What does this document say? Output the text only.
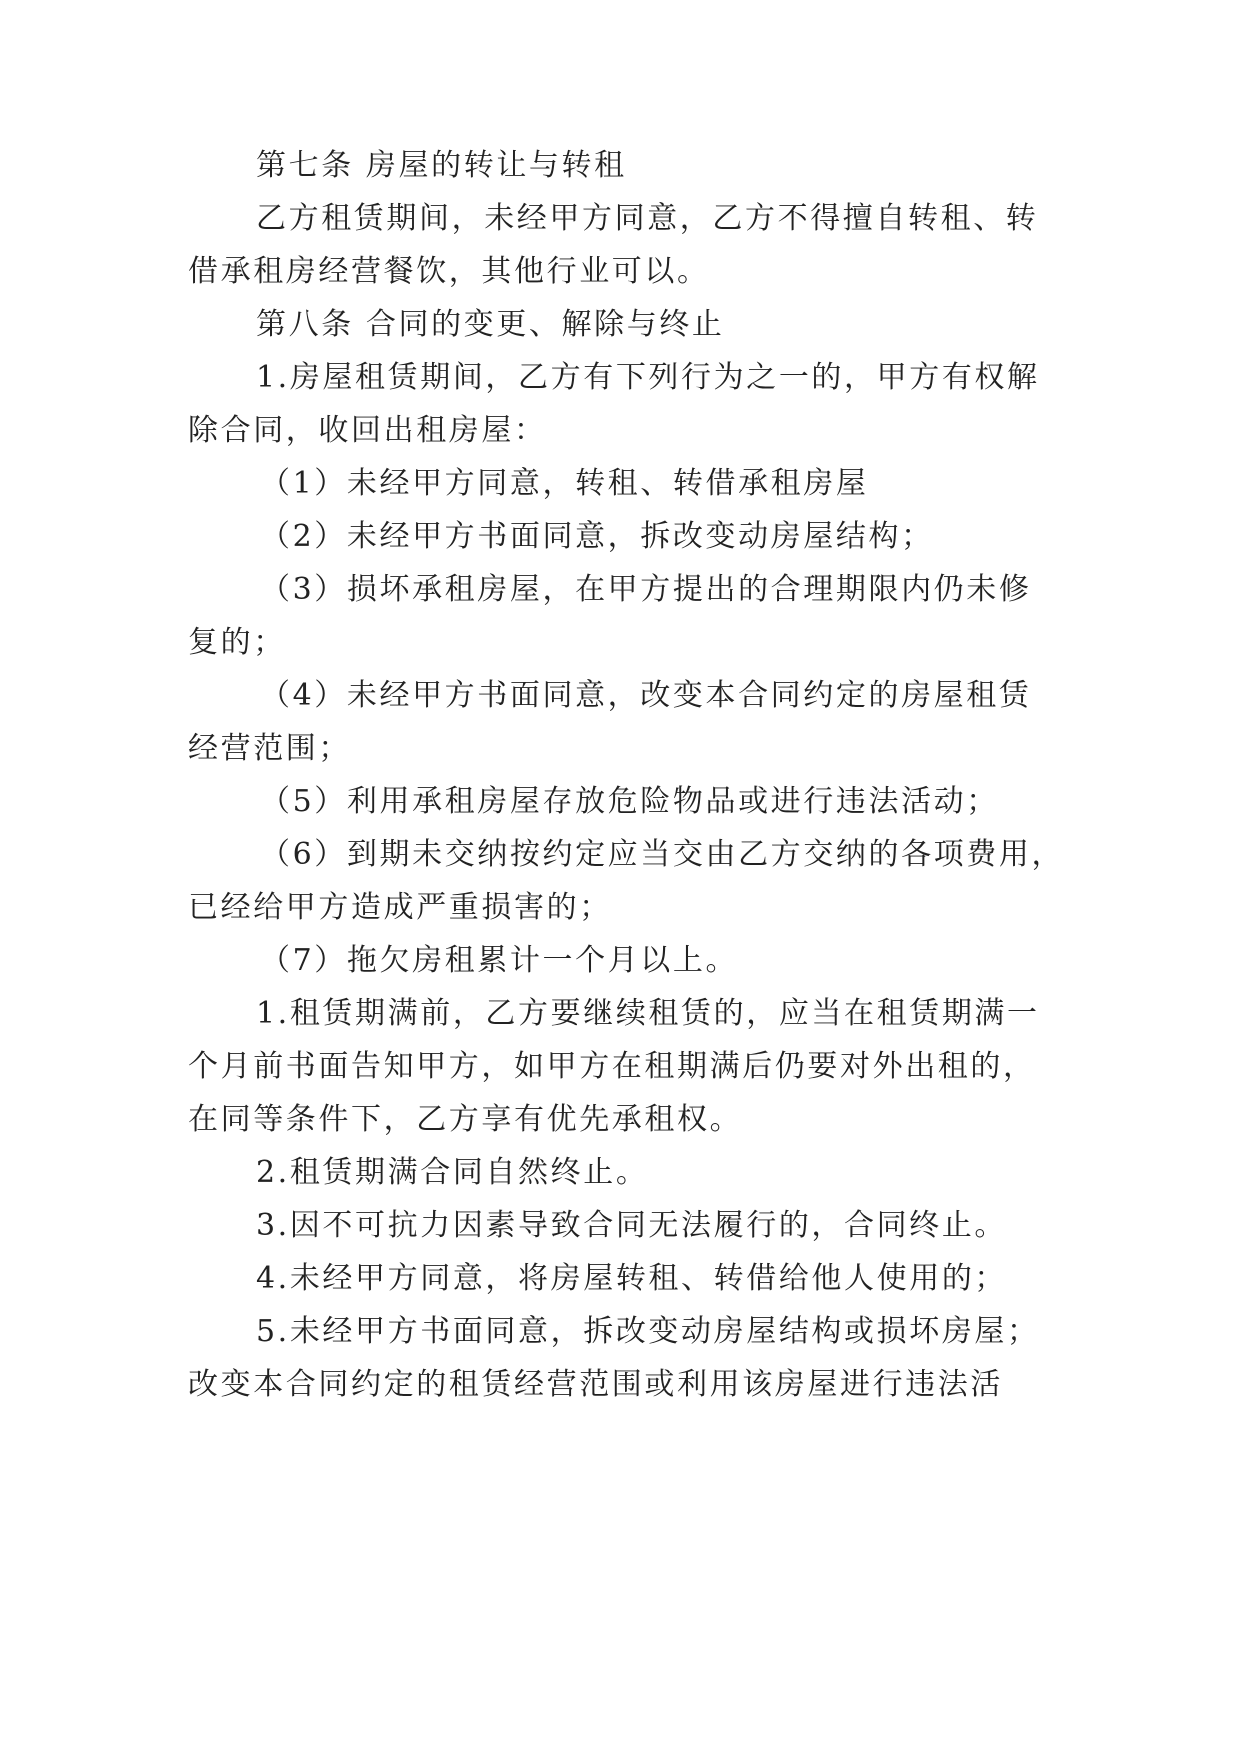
第七条 房屋的转让与转租
乙方租赁期间，未经甲方同意，乙方不得擅自转租、转
借承租房经营餐饮，其他行业可以。
第八条 合同的变更、解除与终止
1.房屋租赁期间，乙方有下列行为之一的，甲方有权解
除合同，收回出租房屋：
（1）未经甲方同意，转租、转借承租房屋
（2）未经甲方书面同意，拆改变动房屋结构；
（3）损坏承租房屋，在甲方提出的合理期限内仍未修
复的；
（4）未经甲方书面同意，改变本合同约定的房屋租赁
经营范围；
（5）利用承租房屋存放危险物品或进行违法活动；
（6）到期未交纳按约定应当交由乙方交纳的各项费用，
已经给甲方造成严重损害的；
（7）拖欠房租累计一个月以上。
1.租赁期满前，乙方要继续租赁的，应当在租赁期满一
个月前书面告知甲方，如甲方在租期满后仍要对外出租的，
在同等条件下，乙方享有优先承租权。
2.租赁期满合同自然终止。
3.因不可抗力因素导致合同无法履行的，合同终止。
4.未经甲方同意，将房屋转租、转借给他人使用的；
5.未经甲方书面同意，拆改变动房屋结构或损坏房屋；
改变本合同约定的租赁经营范围或利用该房屋进行违法活
